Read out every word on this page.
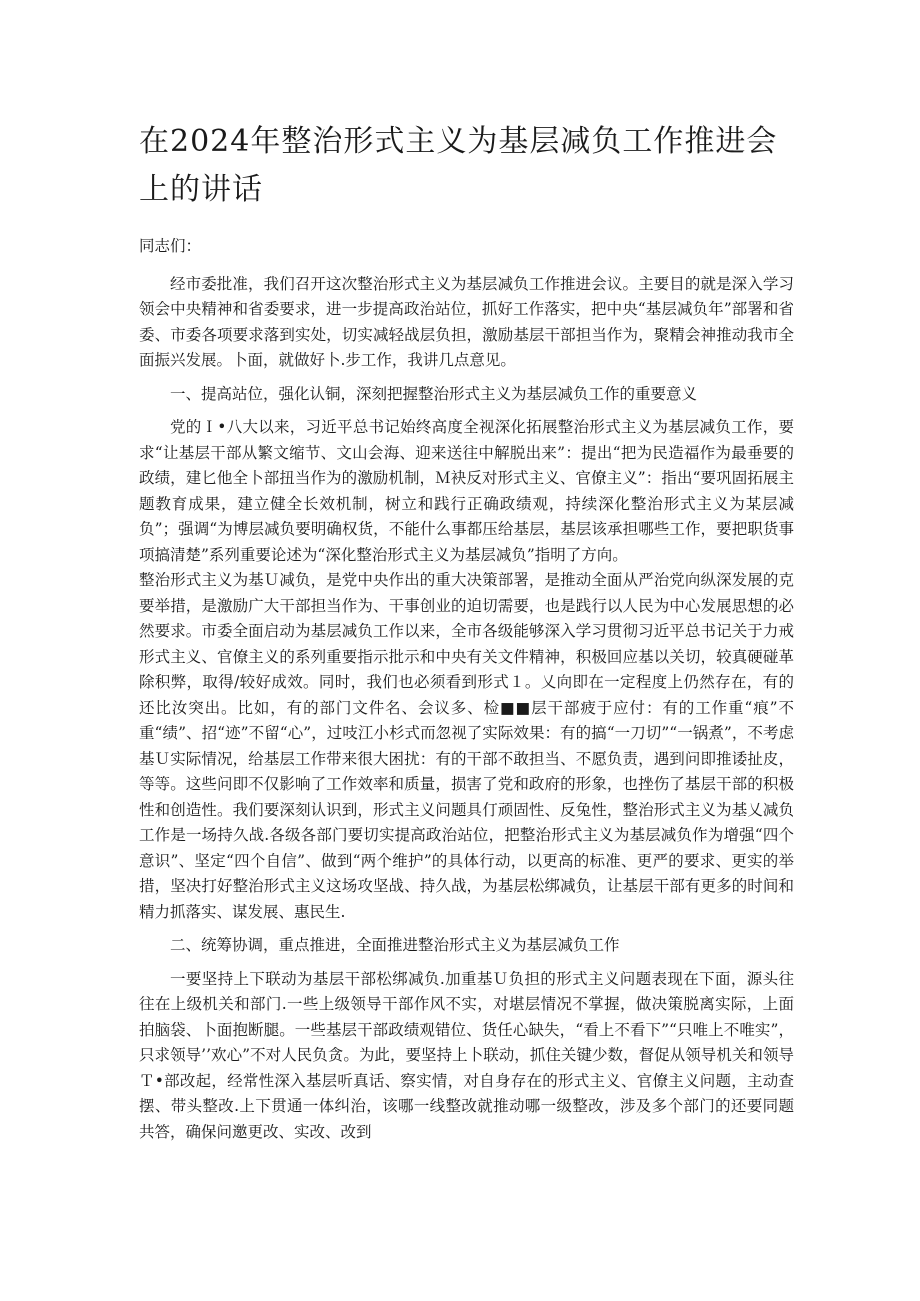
在2024年整治形式主义为基层减负工作推进会上的讲话

同志们：

经市委批准，我们召开这次整治形式主义为基层减负工作推进会议。主要目的就是深入学习领会中央精神和省委要求，进一步提高政治站位，抓好工作落实，把中央“基层减负年”部署和省委、市委各项要求落到实处，切实减轻战层负担，激励基层干部担当作为，聚精会神推动我市全面振兴发展。卜面，就做好卜.步工作，我讲几点意见。

一、提高站位，强化认铜，深刻把握整治形式主义为基层减负工作的重要意义

党的Ｉ•八大以来，习近平总书记始终高度全视深化拓展整治形式主义为基层减负工作，要求“让基层干部从繁文缩节、文山会海、迎来送往中解脱出来”：提出“把为民造福作为最垂要的政绩，建匕他全卜部扭当作为的激励机制，Ｍ袂反对形式主义、官僚主义”：指出“要巩固拓展主题教育成果，建立健全长效机制，树立和践行正确政绩观，持续深化整治形式主义为某层减负”；强调“为博层减负要明确权货，不能什么事都压给基层，基层该承担哪些工作，要把职货事项搞清楚”系列重要论述为“深化整治形式主义为基层减负”指明了方向。

整治形式主义为基Ｕ减负，是党中央作出的重大决策部署，是推动全面从严治党向纵深发展的克要举措，是激励广大干部担当作为、干事创业的迫切需要，也是践行以人民为中心发展思想的必然要求。市委全面启动为基层减负工作以来，全市各级能够深入学习贯彻习近平总书记关于力戒形式主义、官僚主义的系列重要指示批示和中央有关文件精神，积极回应基以关切，较真硬碰革除积弊，取得/较好成效。同时，我们也必须看到形式１。乂向即在一定程度上仍然存在，有的还比汝突出。比如，有的部门文件名、会议多、检■■层干部疲于应付：有的工作重“痕”不重“绩”、招“迹”不留“心”，过吱江小杉式而忽视了实际效果：有的搞“一刀切”“一锅煮”，不考虑基Ｕ实际情况，给基层工作带来很大困扰：有的干部不敢担当、不愿负责，遇到问即推诿扯皮，等等。这些问即不仅影响了工作效率和质量，损害了党和政府的形象，也挫伤了基层干部的积极性和创造性。我们要深刻认识到，形式主义问题具仃顽固性、反兔性，整治形式主义为基乂减负工作是一场持久战.各级各部门要切实提高政治站位，把整治形式主义为基层减负作为增强“四个意识”、坚定“四个自信”、做到“两个维护”的具体行动，以更高的标准、更严的要求、更实的举措，坚决打好整治形式主义这场攻坚战、持久战，为基层松绑减负，让基层干部有更多的时间和精力抓落实、谋发展、惠民生.

二、统筹协调，重点推进，全面推进整治形式主义为基层减负工作

一要坚持上下联动为基层干部松绑减负.加重基Ｕ负担的形式主义问题表现在下面，源头往往在上级机关和部门.一些上级领导干部作风不实，对堪层情况不掌握，做决策脱离实际，上面拍脑袋、卜面抱断腿。一些基层干部政绩观错位、货任心缺失，“看上不看下”“只唯上不唯实”，只求领导’’欢心”不对人民负贪。为此，要坚持上卜联动，抓住关键少数，督促从领导机关和领导Ｔ•部改起，经常性深入基层听真话、察实情，对自身存在的形式主义、官僚主义问题，主动查摆、带头整改.上下贯通一体纠治，该哪一线整改就推动哪一级整改，涉及多个部门的还要同题共答，确保问邀更改、实改、改到
